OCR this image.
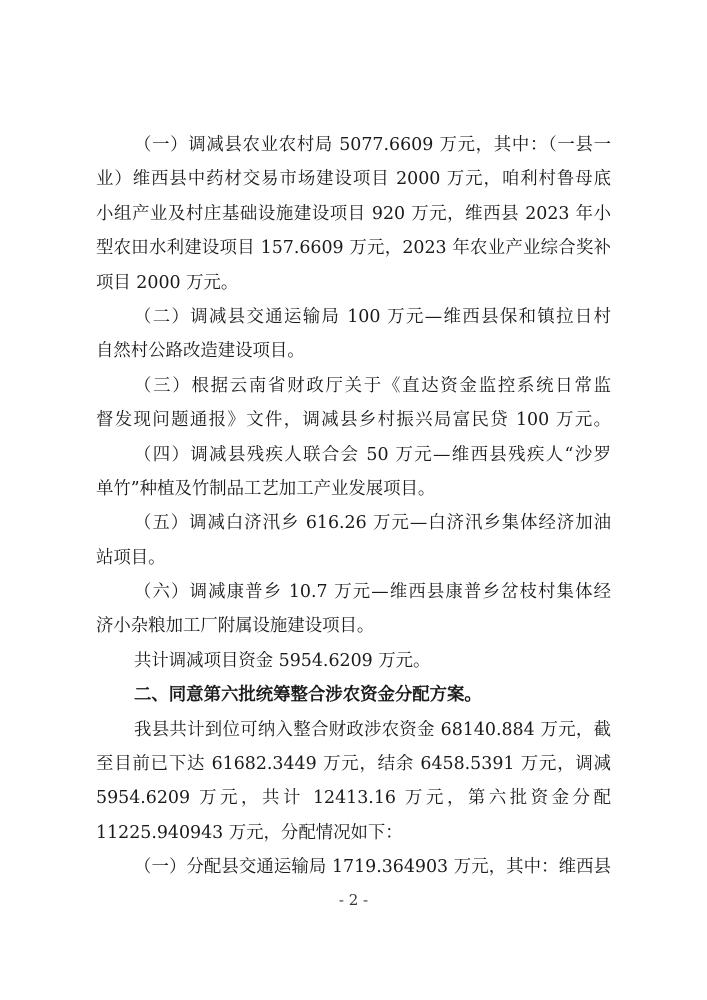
（一）调减县农业农村局 5077.6609 万元，其中：（一县一
业）维西县中药材交易市场建设项目 2000 万元，咱利村鲁母底
小组产业及村庄基础设施建设项目 920 万元，维西县 2023 年小
型农田水利建设项目 157.6609 万元，2023 年农业产业综合奖补
项目 2000 万元。
（二）调减县交通运输局 100 万元—维西县保和镇拉日村
自然村公路改造建设项目。
（三）根据云南省财政厅关于《直达资金监控系统日常监
督发现问题通报》文件，调减县乡村振兴局富民贷 100 万元。
（四）调减县残疾人联合会 50 万元—维西县残疾人“沙罗
单竹”种植及竹制品工艺加工产业发展项目。
（五）调减白济汛乡 616.26 万元—白济汛乡集体经济加油
站项目。
（六）调减康普乡 10.7 万元—维西县康普乡岔枝村集体经
济小杂粮加工厂附属设施建设项目。
共计调减项目资金 5954.6209 万元。
二、同意第六批统筹整合涉农资金分配方案。
我县共计到位可纳入整合财政涉农资金 68140.884 万元，截
至目前已下达 61682.3449 万元，结余 6458.5391 万元，调减
5954.6209 万元，共计 12413.16 万元，第六批资金分配
11225.940943 万元，分配情况如下：
（一）分配县交通运输局 1719.364903 万元，其中：维西县
- 2 -
